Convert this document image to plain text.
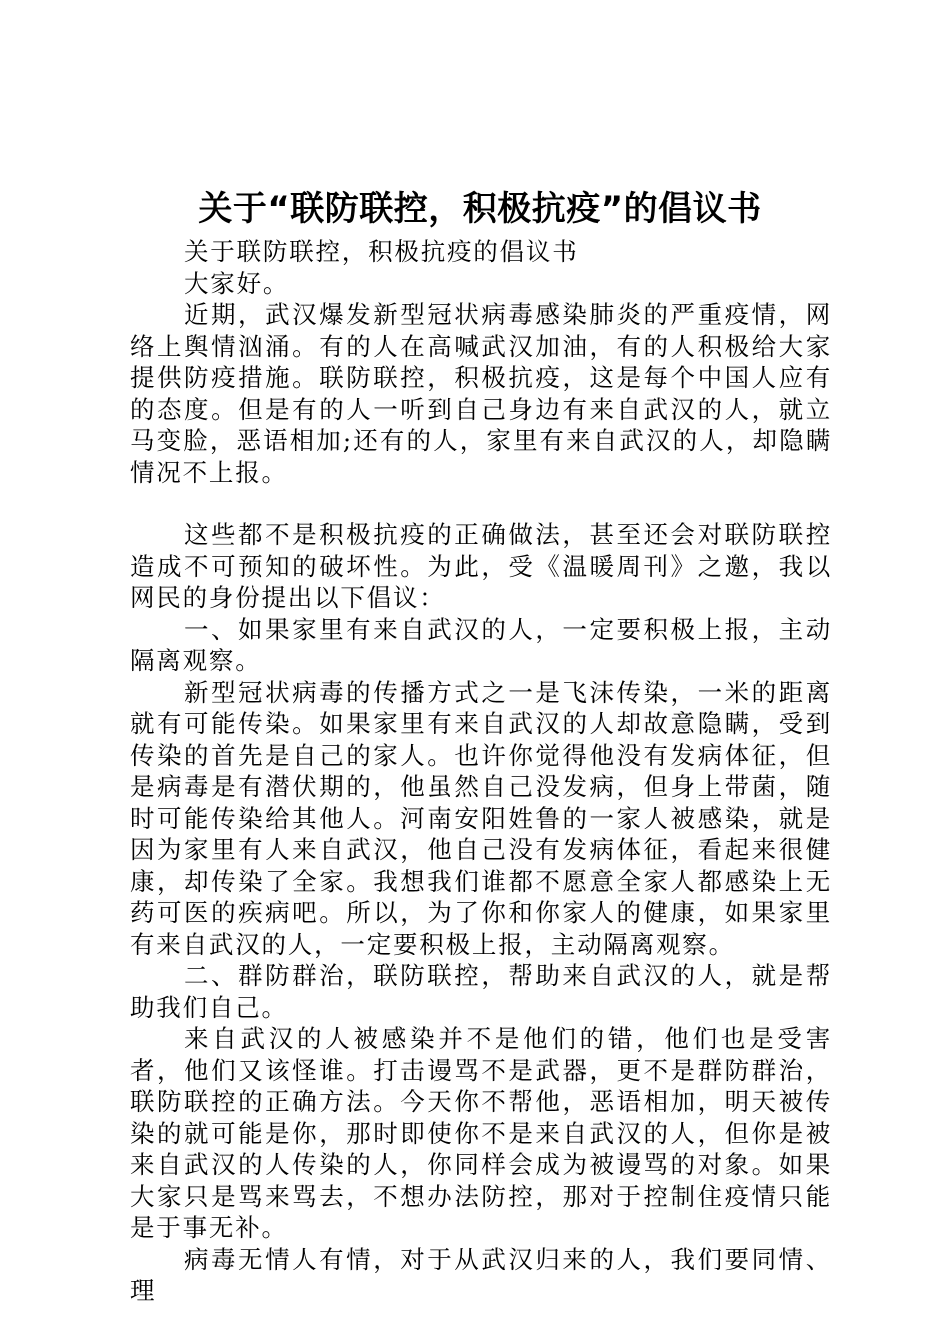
关于“联防联控，积极抗疫”的倡议书

关于联防联控，积极抗疫的倡议书

大家好。

近期，武汉爆发新型冠状病毒感染肺炎的严重疫情，网络上舆情汹涌。有的人在高喊武汉加油，有的人积极给大家提供防疫措施。联防联控，积极抗疫，这是每个中国人应有的态度。但是有的人一听到自己身边有来自武汉的人，就立马变脸，恶语相加;还有的人，家里有来自武汉的人，却隐瞒情况不上报。

这些都不是积极抗疫的正确做法，甚至还会对联防联控造成不可预知的破坏性。为此，受《温暖周刊》之邀，我以网民的身份提出以下倡议：

一、如果家里有来自武汉的人，一定要积极上报，主动隔离观察。

新型冠状病毒的传播方式之一是飞沫传染，一米的距离就有可能传染。如果家里有来自武汉的人却故意隐瞒，受到传染的首先是自己的家人。也许你觉得他没有发病体征，但是病毒是有潜伏期的，他虽然自己没发病，但身上带菌，随时可能传染给其他人。河南安阳姓鲁的一家人被感染，就是因为家里有人来自武汉，他自己没有发病体征，看起来很健康，却传染了全家。我想我们谁都不愿意全家人都感染上无药可医的疾病吧。所以，为了你和你家人的健康，如果家里有来自武汉的人，一定要积极上报，主动隔离观察。

二、群防群治，联防联控，帮助来自武汉的人，就是帮助我们自己。

来自武汉的人被感染并不是他们的错，他们也是受害者，他们又该怪谁。打击谩骂不是武器，更不是群防群治，联防联控的正确方法。今天你不帮他，恶语相加，明天被传染的就可能是你，那时即使你不是来自武汉的人，但你是被来自武汉的人传染的人，你同样会成为被谩骂的对象。如果大家只是骂来骂去，不想办法防控，那对于控制住疫情只能是于事无补。

病毒无情人有情，对于从武汉归来的人，我们要同情、理
